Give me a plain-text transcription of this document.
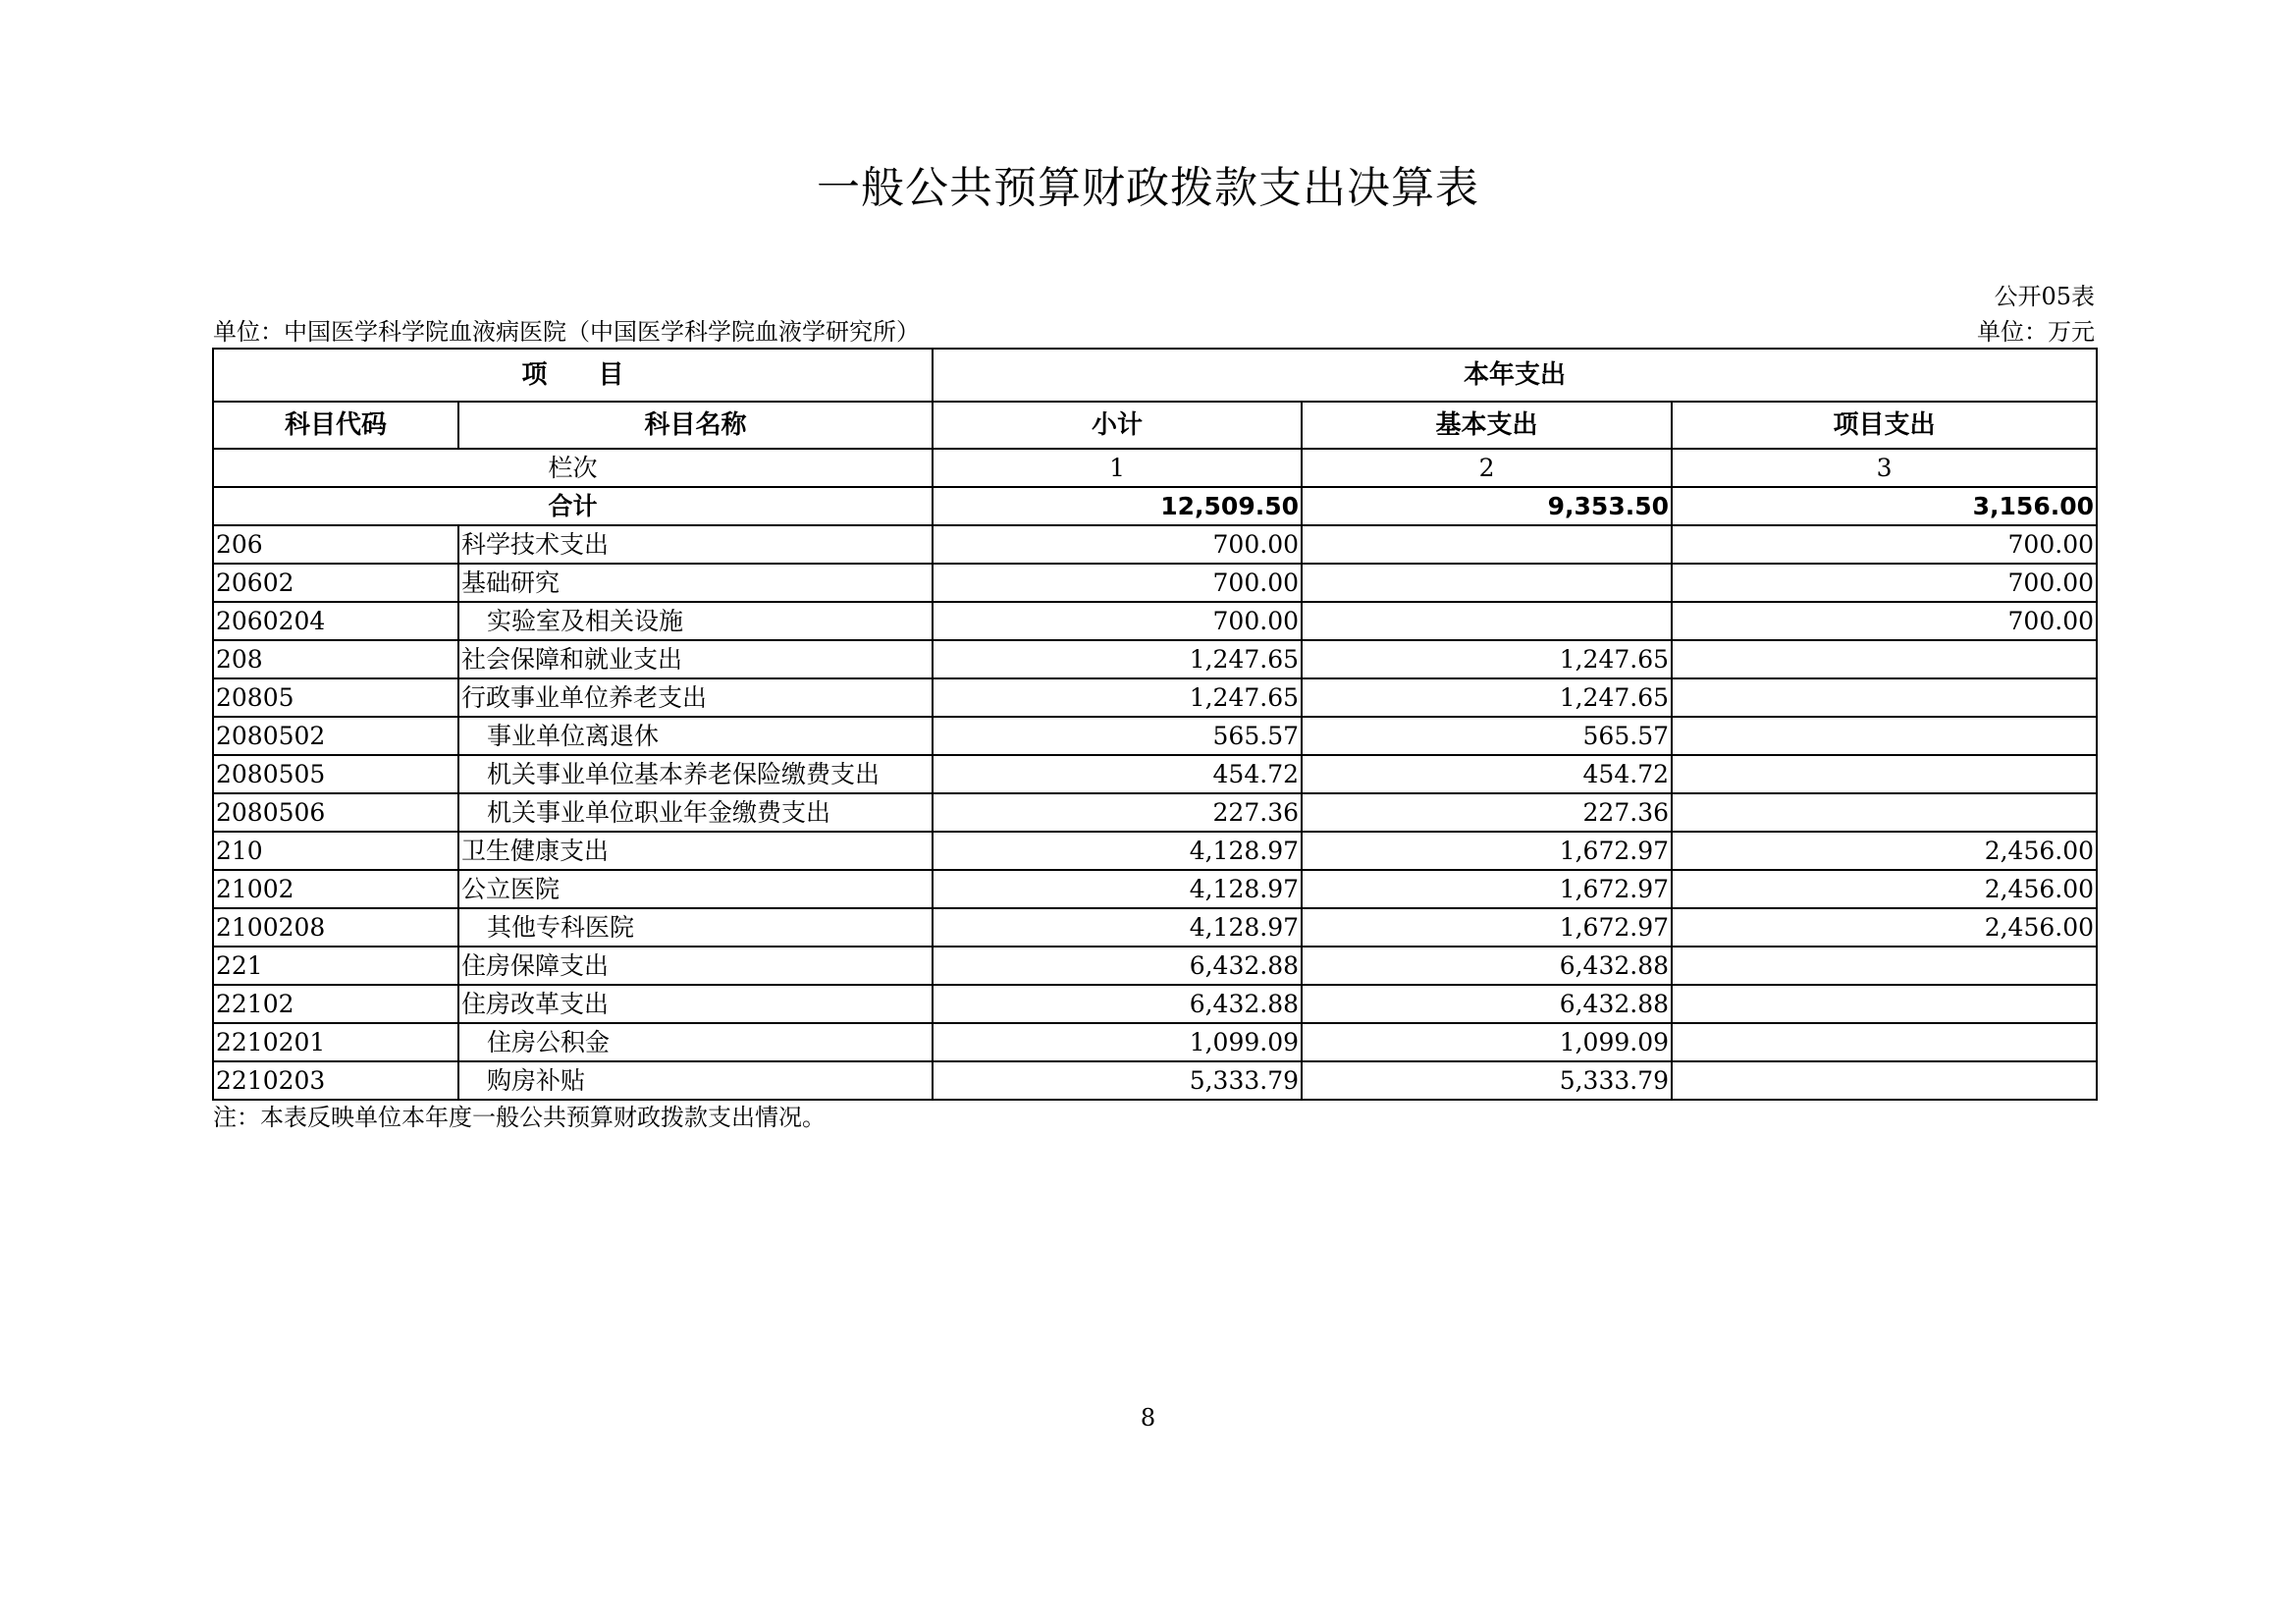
一般公共预算财政拨款支出决算表
公开05表
单位：中国医学科学院血液病医院（中国医学科学院血液学研究所）	单位：万元
项　　目		本年支出		
科目代码	科目名称	小计	基本支出	项目支出
栏次		1	2	3
合计		12,509.50	9,353.50	3,156.00
206	科学技术支出	700.00		700.00
20602	基础研究	700.00		700.00
2060204	实验室及相关设施	700.00		700.00
208	社会保障和就业支出	1,247.65	1,247.65	
20805	行政事业单位养老支出	1,247.65	1,247.65	
2080502	事业单位离退休	565.57	565.57	
2080505	机关事业单位基本养老保险缴费支出	454.72	454.72	
2080506	机关事业单位职业年金缴费支出	227.36	227.36	
210	卫生健康支出	4,128.97	1,672.97	2,456.00
21002	公立医院	4,128.97	1,672.97	2,456.00
2100208	其他专科医院	4,128.97	1,672.97	2,456.00
221	住房保障支出	6,432.88	6,432.88	
22102	住房改革支出	6,432.88	6,432.88	
2210201	住房公积金	1,099.09	1,099.09	
2210203	购房补贴	5,333.79	5,333.79	
注：本表反映单位本年度一般公共预算财政拨款支出情况。
8
